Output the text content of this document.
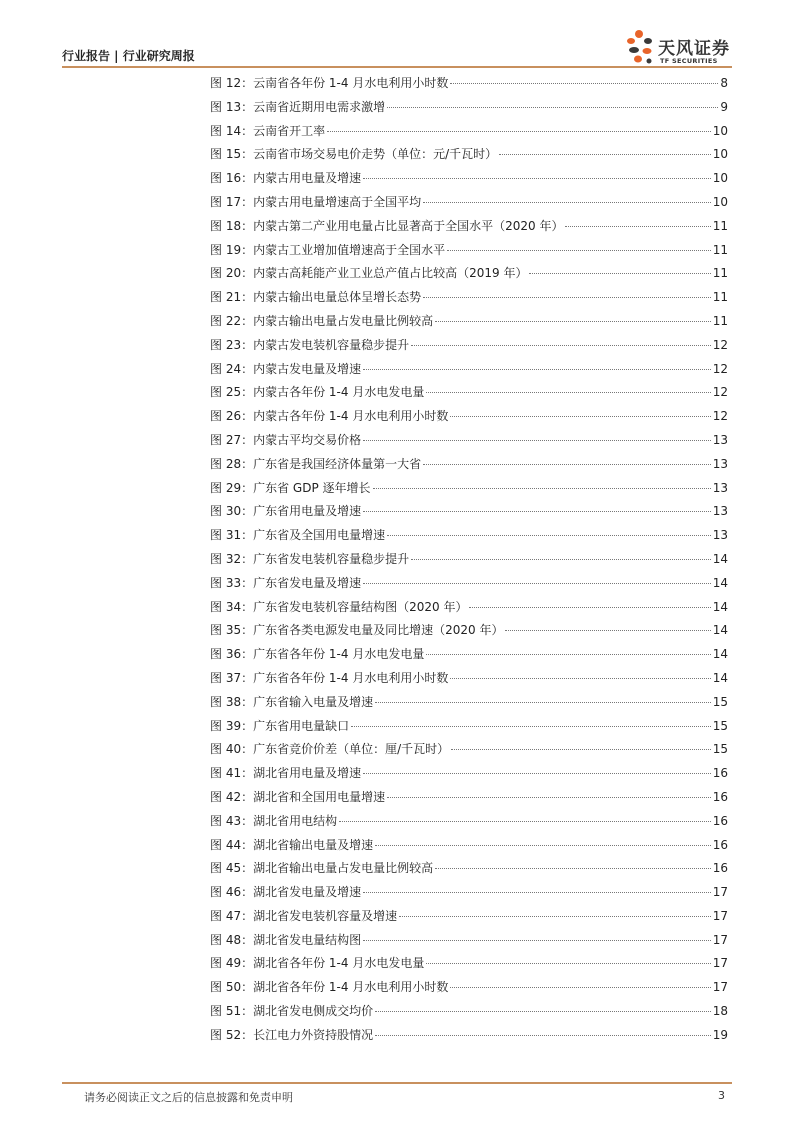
行业报告 | 行业研究周报	天风证券
TF SECURITIES
图 12： 云南省各年份 1-4 月水电利用小时数	8
图 13： 云南省近期用电需求激增	9
图 14： 云南省开工率	10
图 15： 云南省市场交易电价走势（单位：元/千瓦时）	10
图 16： 内蒙古用电量及增速	10
图 17： 内蒙古用电量增速高于全国平均	10
图 18： 内蒙古第二产业用电量占比显著高于全国水平（2020 年）	11
图 19： 内蒙古工业增加值增速高于全国水平	11
图 20： 内蒙古高耗能产业工业总产值占比较高（2019 年）	11
图 21： 内蒙古输出电量总体呈增长态势	11
图 22： 内蒙古输出电量占发电量比例较高	11
图 23： 内蒙古发电装机容量稳步提升	12
图 24： 内蒙古发电量及增速	12
图 25： 内蒙古各年份 1-4 月水电发电量	12
图 26： 内蒙古各年份 1-4 月水电利用小时数	12
图 27： 内蒙古平均交易价格	13
图 28： 广东省是我国经济体量第一大省	13
图 29： 广东省 GDP 逐年增长	13
图 30： 广东省用电量及增速	13
图 31： 广东省及全国用电量增速	13
图 32： 广东省发电装机容量稳步提升	14
图 33： 广东省发电量及增速	14
图 34： 广东省发电装机容量结构图（2020 年）	14
图 35： 广东省各类电源发电量及同比增速（2020 年）	14
图 36： 广东省各年份 1-4 月水电发电量	14
图 37： 广东省各年份 1-4 月水电利用小时数	14
图 38： 广东省输入电量及增速	15
图 39： 广东省用电量缺口	15
图 40： 广东省竞价价差（单位：厘/千瓦时）	15
图 41： 湖北省用电量及增速	16
图 42： 湖北省和全国用电量增速	16
图 43： 湖北省用电结构	16
图 44： 湖北省输出电量及增速	16
图 45： 湖北省输出电量占发电量比例较高	16
图 46： 湖北省发电量及增速	17
图 47： 湖北省发电装机容量及增速	17
图 48： 湖北省发电量结构图	17
图 49： 湖北省各年份 1-4 月水电发电量	17
图 50： 湖北省各年份 1-4 月水电利用小时数	17
图 51： 湖北省发电侧成交均价	18
图 52： 长江电力外资持股情况	19
请务必阅读正文之后的信息披露和免责申明	3
